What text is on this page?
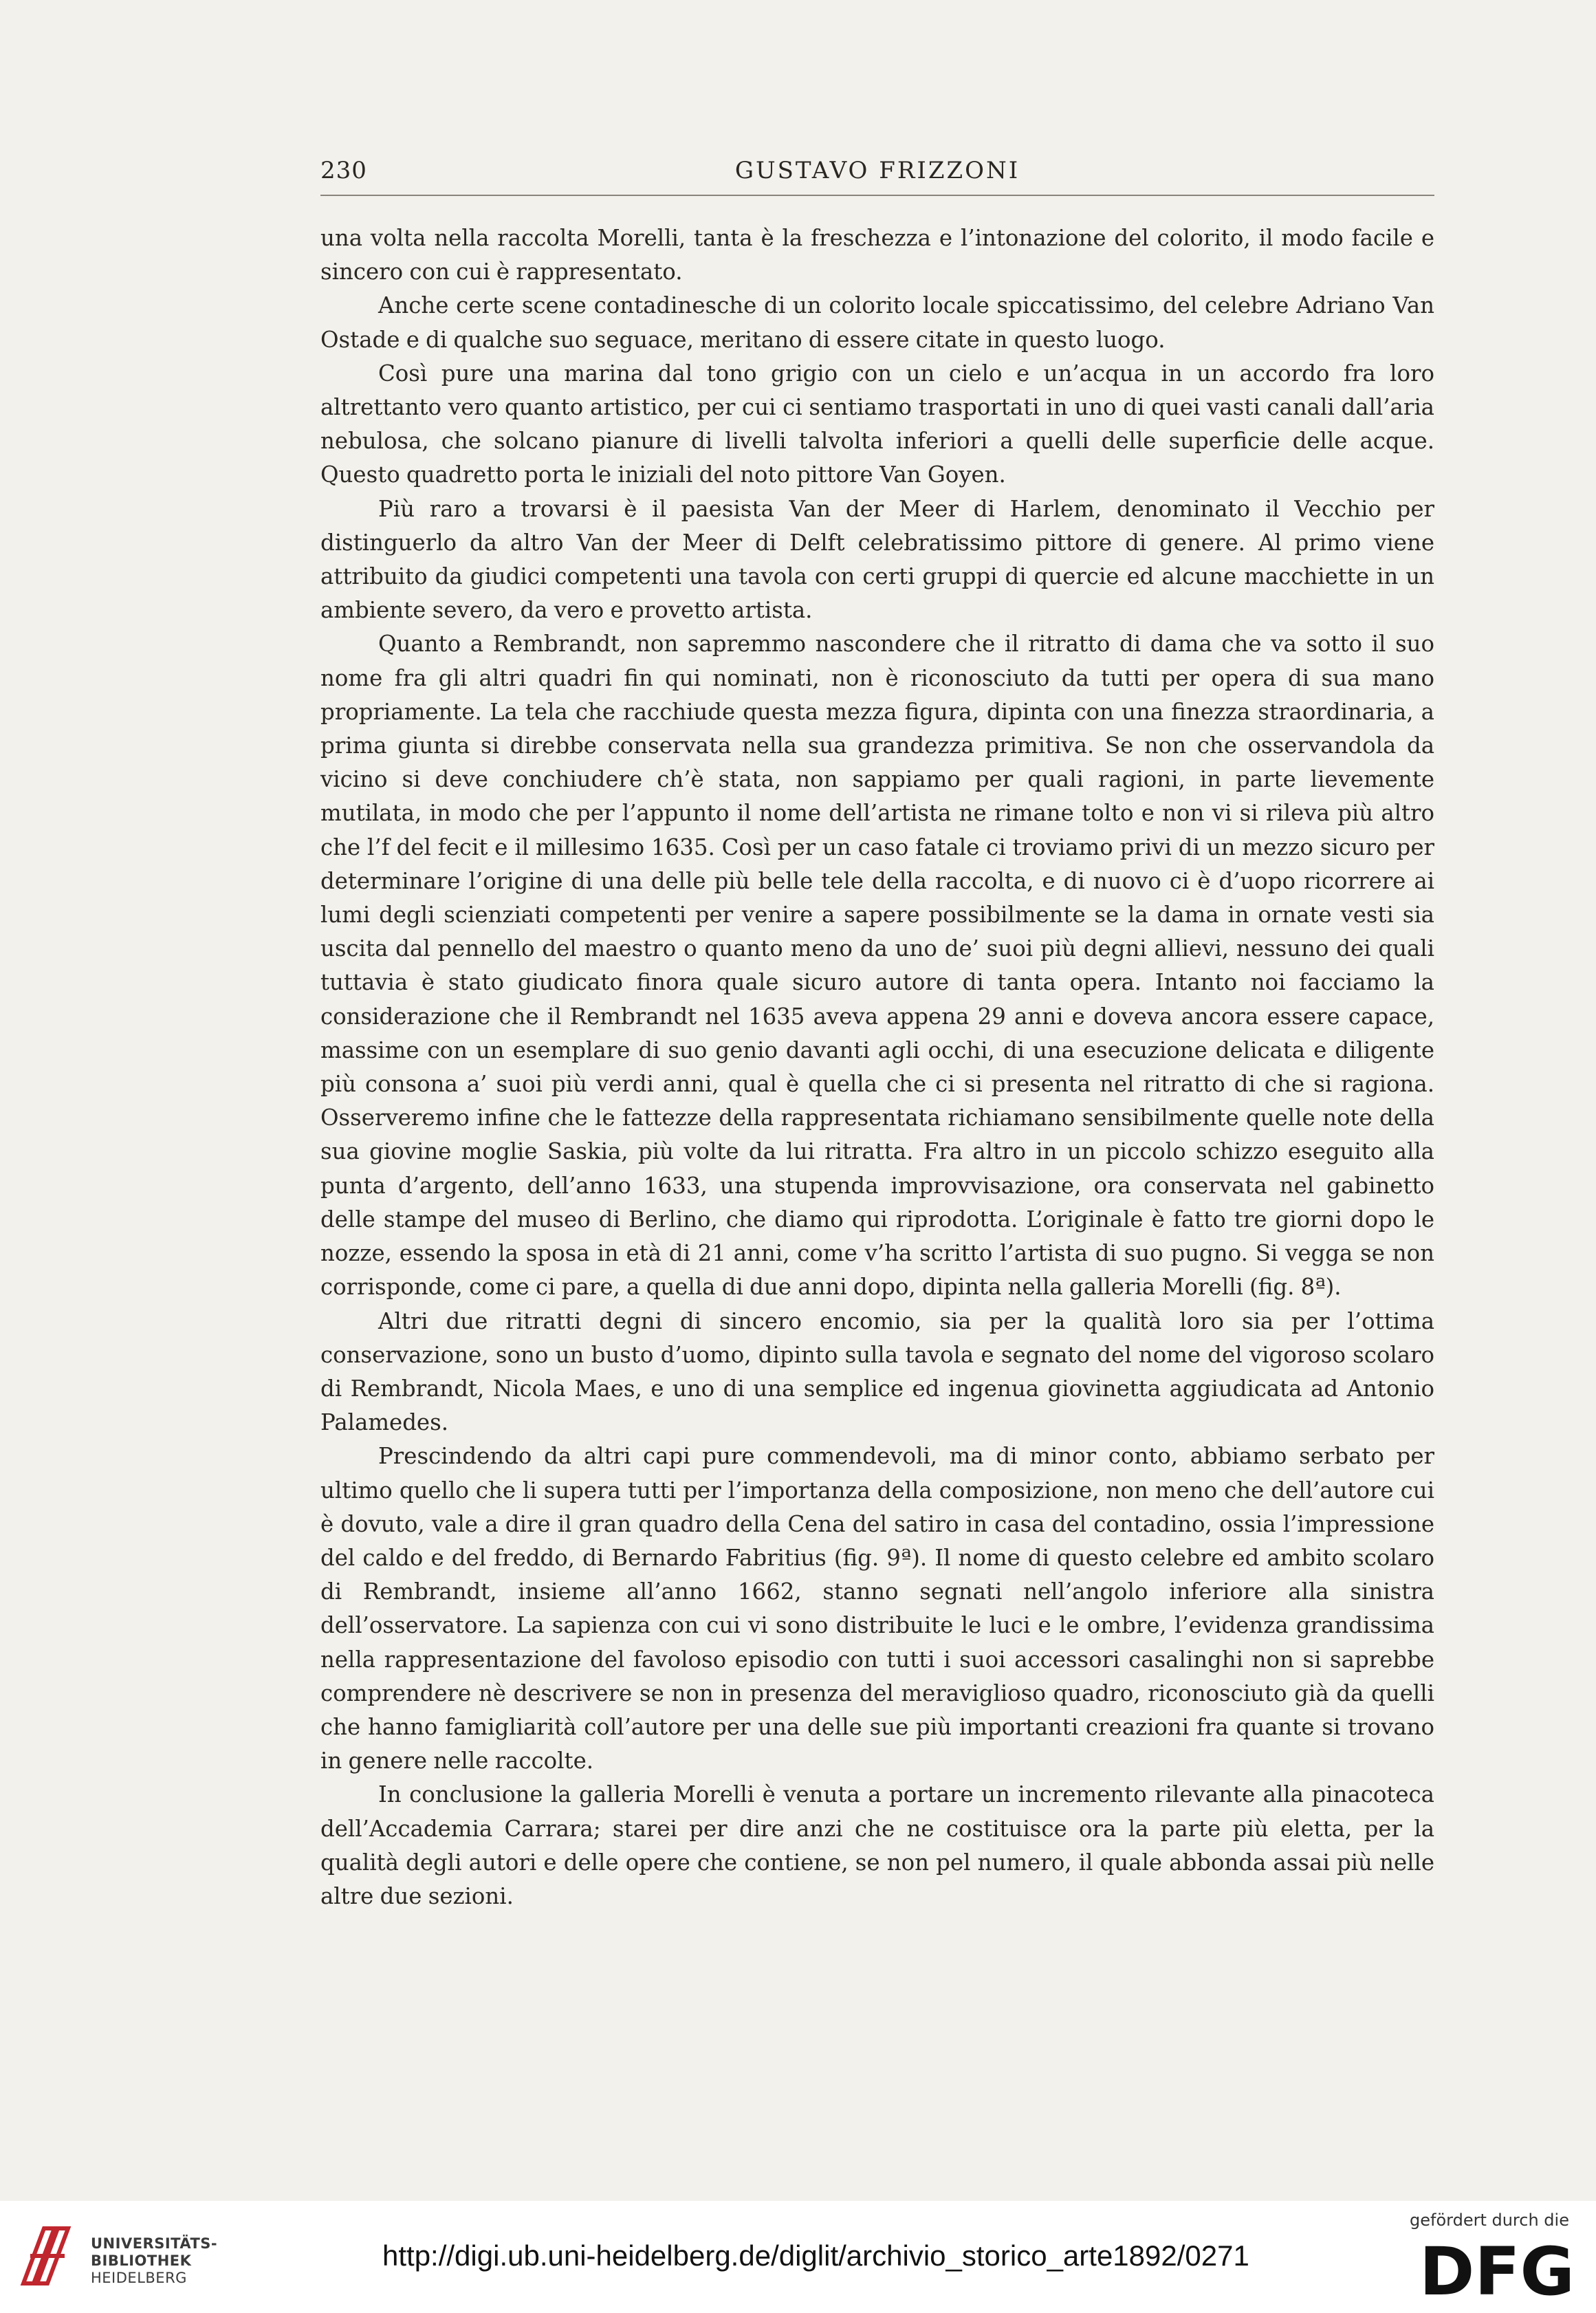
230	GUSTAVO FRIZZONI

una volta nella raccolta Morelli, tanta è la freschezza e l’intonazione del colorito, il modo facile e sincero con cui è rappresentato.

Anche certe scene contadinesche di un colorito locale spiccatissimo, del celebre Adriano Van Ostade e di qualche suo seguace, meritano di essere citate in questo luogo.

Così pure una marina dal tono grigio con un cielo e un’acqua in un accordo fra loro altrettanto vero quanto artistico, per cui ci sentiamo trasportati in uno di quei vasti canali dall’aria nebulosa, che solcano pianure di livelli talvolta inferiori a quelli delle superficie delle acque. Questo quadretto porta le iniziali del noto pittore Van Goyen.

Più raro a trovarsi è il paesista Van der Meer di Harlem, denominato il Vecchio per distinguerlo da altro Van der Meer di Delft celebratissimo pittore di genere. Al primo viene attribuito da giudici competenti una tavola con certi gruppi di quercie ed alcune macchiette in un ambiente severo, da vero e provetto artista.

Quanto a Rembrandt, non sapremmo nascondere che il ritratto di dama che va sotto il suo nome fra gli altri quadri fin qui nominati, non è riconosciuto da tutti per opera di sua mano propriamente. La tela che racchiude questa mezza figura, dipinta con una finezza straordinaria, a prima giunta si direbbe conservata nella sua grandezza primitiva. Se non che osservandola da vicino si deve conchiudere ch’è stata, non sappiamo per quali ragioni, in parte lievemente mutilata, in modo che per l’appunto il nome dell’artista ne rimane tolto e non vi si rileva più altro che l’f del fecit e il millesimo 1635. Così per un caso fatale ci troviamo privi di un mezzo sicuro per determinare l’origine di una delle più belle tele della raccolta, e di nuovo ci è d’uopo ricorrere ai lumi degli scienziati competenti per venire a sapere possibilmente se la dama in ornate vesti sia uscita dal pennello del maestro o quanto meno da uno de’ suoi più degni allievi, nessuno dei quali tuttavia è stato giudicato finora quale sicuro autore di tanta opera. Intanto noi facciamo la considerazione che il Rembrandt nel 1635 aveva appena 29 anni e doveva ancora essere capace, massime con un esemplare di suo genio davanti agli occhi, di una esecuzione delicata e diligente più consona a’ suoi più verdi anni, qual è quella che ci si presenta nel ritratto di che si ragiona. Osserveremo infine che le fattezze della rappresentata richiamano sensibilmente quelle note della sua giovine moglie Saskia, più volte da lui ritratta. Fra altro in un piccolo schizzo eseguito alla punta d’argento, dell’anno 1633, una stupenda improvvisazione, ora conservata nel gabinetto delle stampe del museo di Berlino, che diamo qui riprodotta. L’originale è fatto tre giorni dopo le nozze, essendo la sposa in età di 21 anni, come v’ha scritto l’artista di suo pugno. Si vegga se non corrisponde, come ci pare, a quella di due anni dopo, dipinta nella galleria Morelli (fig. 8ª).

Altri due ritratti degni di sincero encomio, sia per la qualità loro sia per l’ottima conservazione, sono un busto d’uomo, dipinto sulla tavola e segnato del nome del vigoroso scolaro di Rembrandt, Nicola Maes, e uno di una semplice ed ingenua giovinetta aggiudicata ad Antonio Palamedes.

Prescindendo da altri capi pure commendevoli, ma di minor conto, abbiamo serbato per ultimo quello che li supera tutti per l’importanza della composizione, non meno che dell’autore cui è dovuto, vale a dire il gran quadro della Cena del satiro in casa del contadino, ossia l’impressione del caldo e del freddo, di Bernardo Fabritius (fig. 9ª). Il nome di questo celebre ed ambito scolaro di Rembrandt, insieme all’anno 1662, stanno segnati nell’angolo inferiore alla sinistra dell’osservatore. La sapienza con cui vi sono distribuite le luci e le ombre, l’evidenza grandissima nella rappresentazione del favoloso episodio con tutti i suoi accessori casalinghi non si saprebbe comprendere nè descrivere se non in presenza del meraviglioso quadro, riconosciuto già da quelli che hanno famigliarità coll’autore per una delle sue più importanti creazioni fra quante si trovano in genere nelle raccolte.

In conclusione la galleria Morelli è venuta a portare un incremento rilevante alla pinacoteca dell’Accademia Carrara; starei per dire anzi che ne costituisce ora la parte più eletta, per la qualità degli autori e delle opere che contiene, se non pel numero, il quale abbonda assai più nelle altre due sezioni.

UNIVERSITÄTS-
BIBLIOTHEK
HEIDELBERG
http://digi.ub.uni-heidelberg.de/diglit/archivio_storico_arte1892/0271
gefördert durch die
DFG
